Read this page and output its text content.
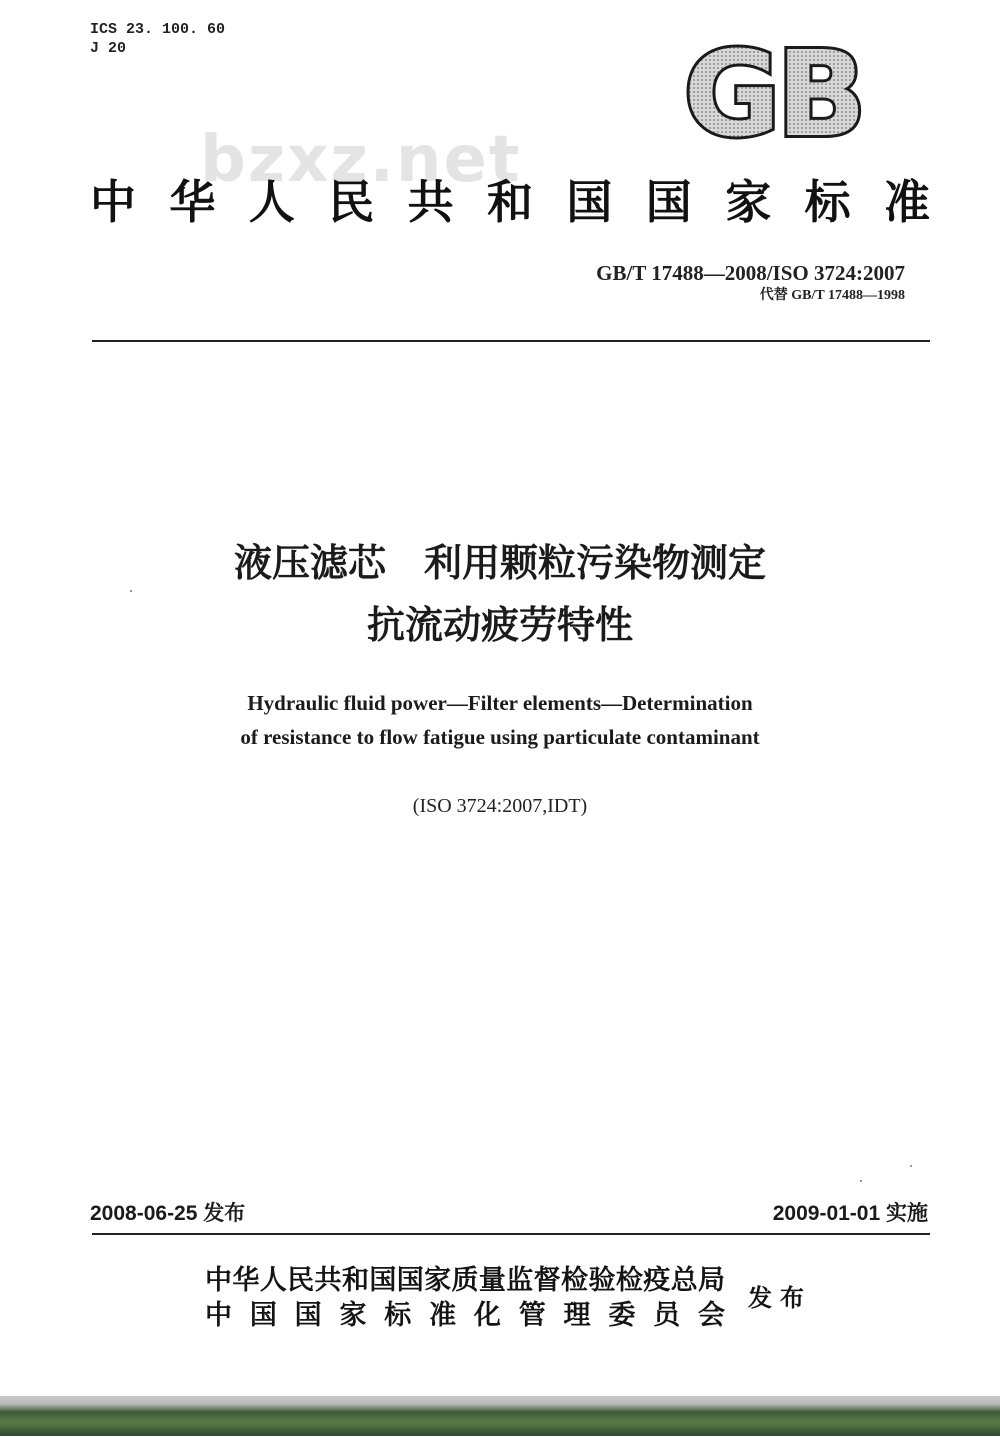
ICS 23. 100. 60
J 20	GB
bzxz.net
中华人民共和国国家标准
GB/T 17488—2008/ISO 3724:2007
代替 GB/T 17488—1998
液压滤芯　利用颗粒污染物测定
抗流动疲劳特性
Hydraulic fluid power—Filter elements—Determination
of resistance to flow fatigue using particulate contaminant
(ISO 3724:2007,IDT)
2008-06-25 发布	2009-01-01 实施
中华人民共和国国家质量监督检验检疫总局
中国国家标准化管理委员会
发布
